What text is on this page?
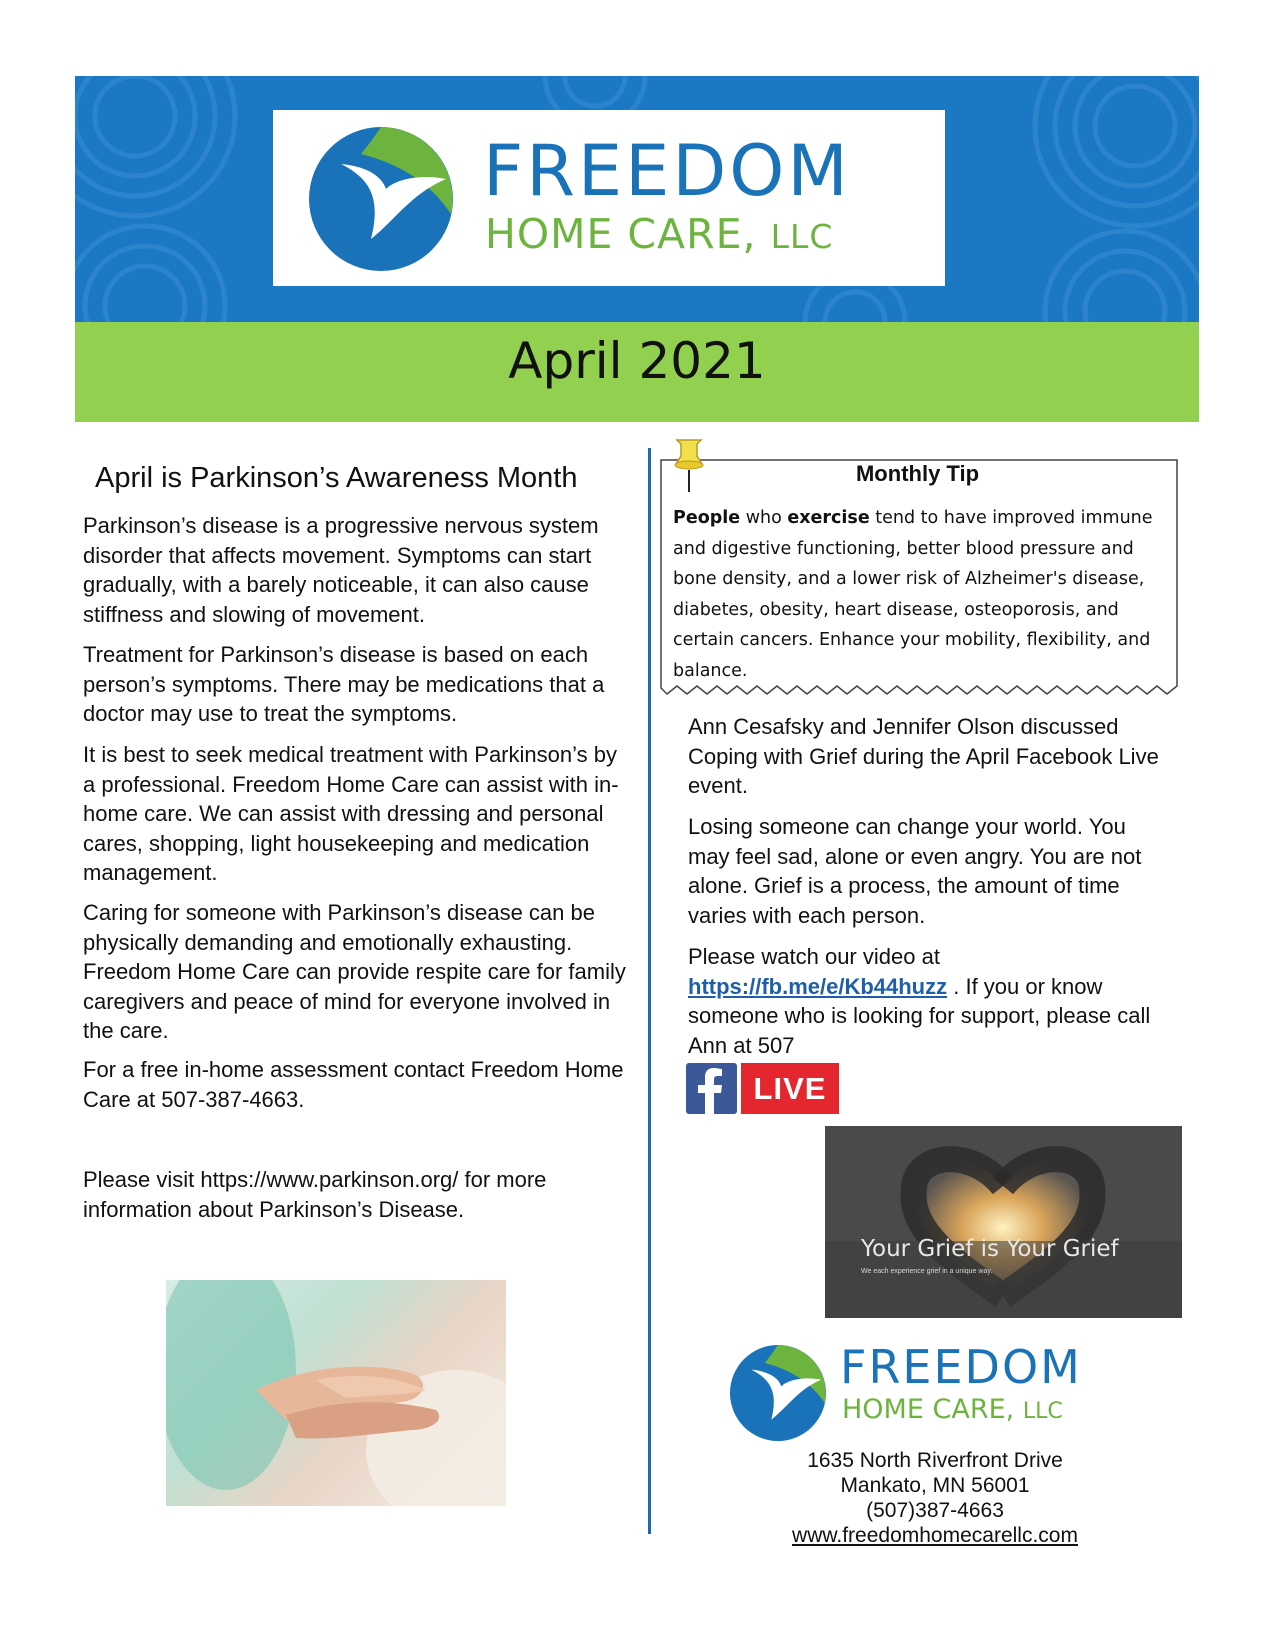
FREEDOM
HOME CARE, LLC
April 2021
April is Parkinson’s Awareness Month

Parkinson’s disease is a progressive nervous system disorder that affects movement. Symptoms can start gradually, with a barely noticeable, it can also cause stiffness and slowing of movement.

Treatment for Parkinson’s disease is based on each person’s symptoms. There may be medications that a doctor may use to treat the symptoms.

It is best to seek medical treatment with Parkinson’s by a professional. Freedom Home Care can assist with in-home care. We can assist with dressing and personal cares, shopping, light housekeeping and medication management.

Caring for someone with Parkinson’s disease can be physically demanding and emotionally exhausting. Freedom Home Care can provide respite care for family caregivers and peace of mind for everyone involved in the care.

For a free in-home assessment contact Freedom Home Care at 507-387-4663.

Please visit https://www.parkinson.org/ for more information about Parkinson’s Disease.

Monthly Tip

People who exercise tend to have improved immune and digestive functioning, better blood pressure and bone density, and a lower risk of Alzheimer's disease, diabetes, obesity, heart disease, osteoporosis, and certain cancers. Enhance your mobility, flexibility, and balance.

Ann Cesafsky and Jennifer Olson discussed Coping with Grief during the April Facebook Live event.

Losing someone can change your world. You may feel sad, alone or even angry. You are not alone. Grief is a process, the amount of time varies with each person.

Please watch our video at https://fb.me/e/Kb44huzz . If you or know someone who is looking for support, please call Ann at 507

LIVE
Your Grief is Your Grief
We each experience grief in a unique way.
FREEDOM
HOME CARE, LLC
1635 North Riverfront Drive
Mankato, MN 56001
(507)387-4663
www.freedomhomecarellc.com
